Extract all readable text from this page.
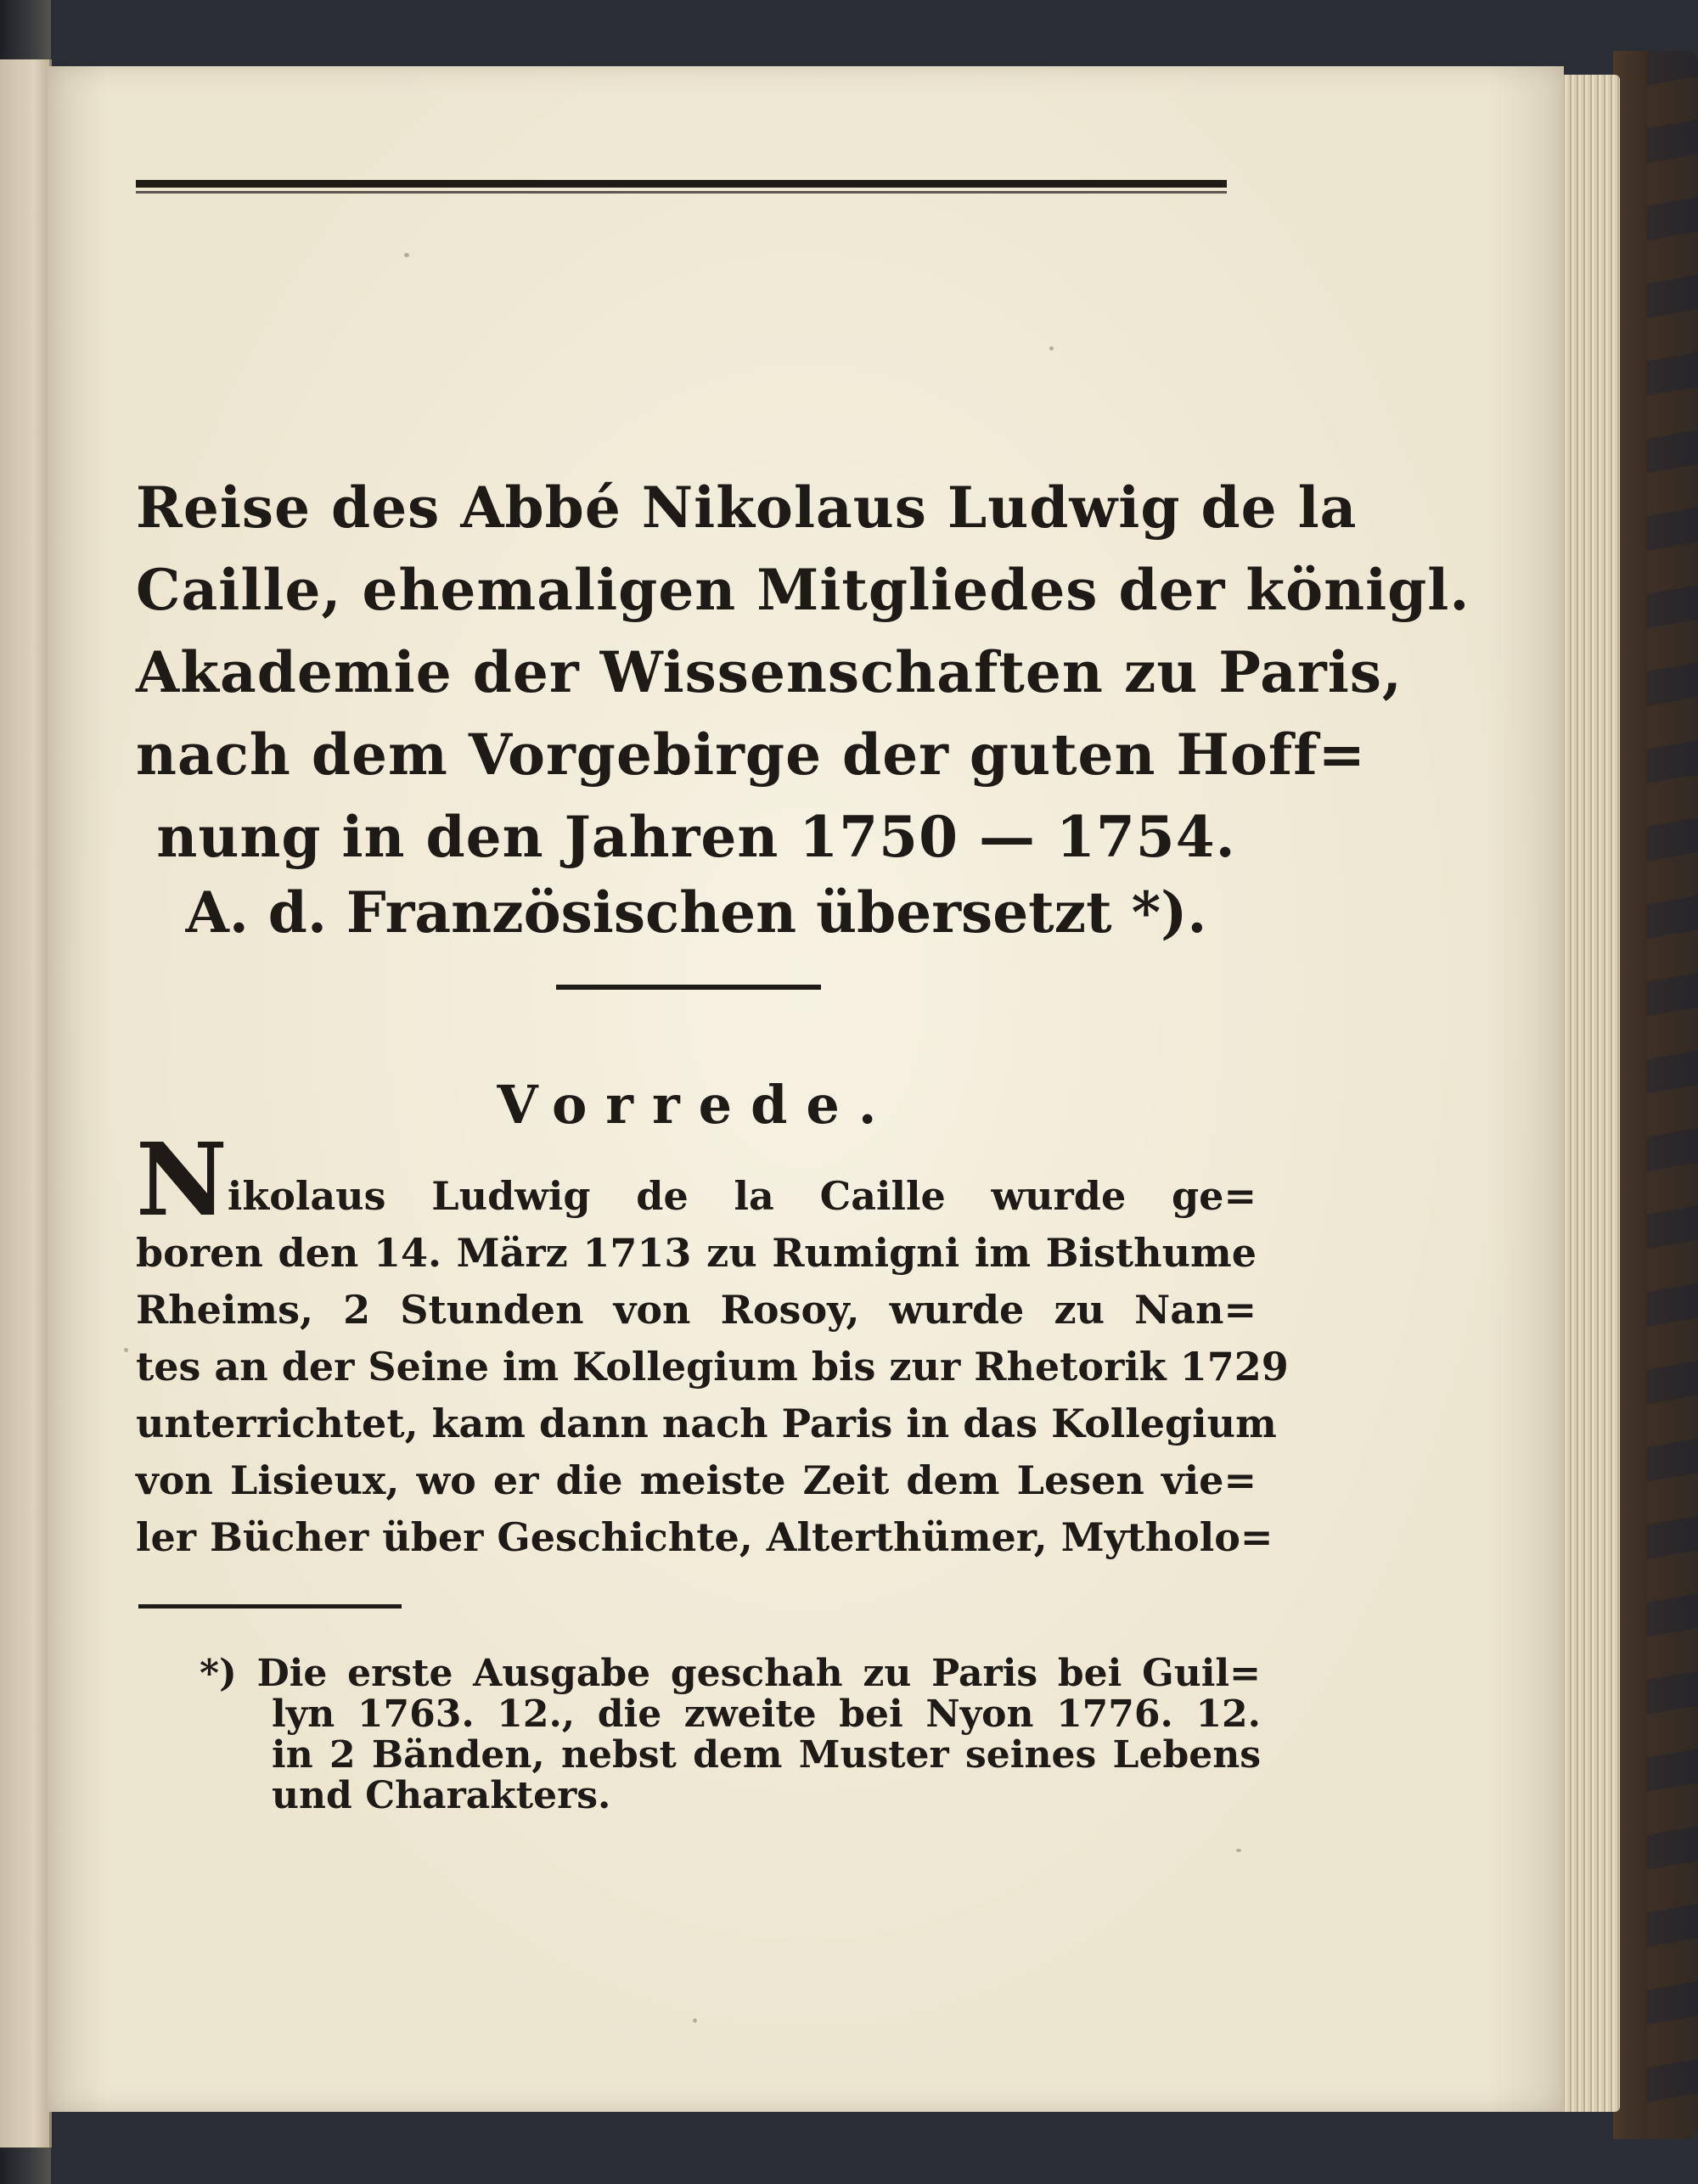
Reise des Abbé Nikolaus Ludwig de la
Caille, ehemaligen Mitgliedes der königl.
Akademie der Wissenschaften zu Paris,
nach dem Vorgebirge der guten Hoff=
nung in den Jahren 1750 — 1754.
A. d. Französischen übersetzt *).
Vorrede.
Nikolaus Ludwig de la Caille wurde ge=
boren den 14. März 1713 zu Rumigni im Bisthume
Rheims, 2 Stunden von Rosoy, wurde zu Nan=
tes an der Seine im Kollegium bis zur Rhetorik 1729
unterrichtet, kam dann nach Paris in das Kollegium
von Lisieux, wo er die meiste Zeit dem Lesen vie=
ler Bücher über Geschichte, Alterthümer, Mytholo=
*) Die erste Ausgabe geschah zu Paris bei Guil=
lyn 1763. 12., die zweite bei Nyon 1776. 12.
in 2 Bänden, nebst dem Muster seines Lebens
und Charakters.
